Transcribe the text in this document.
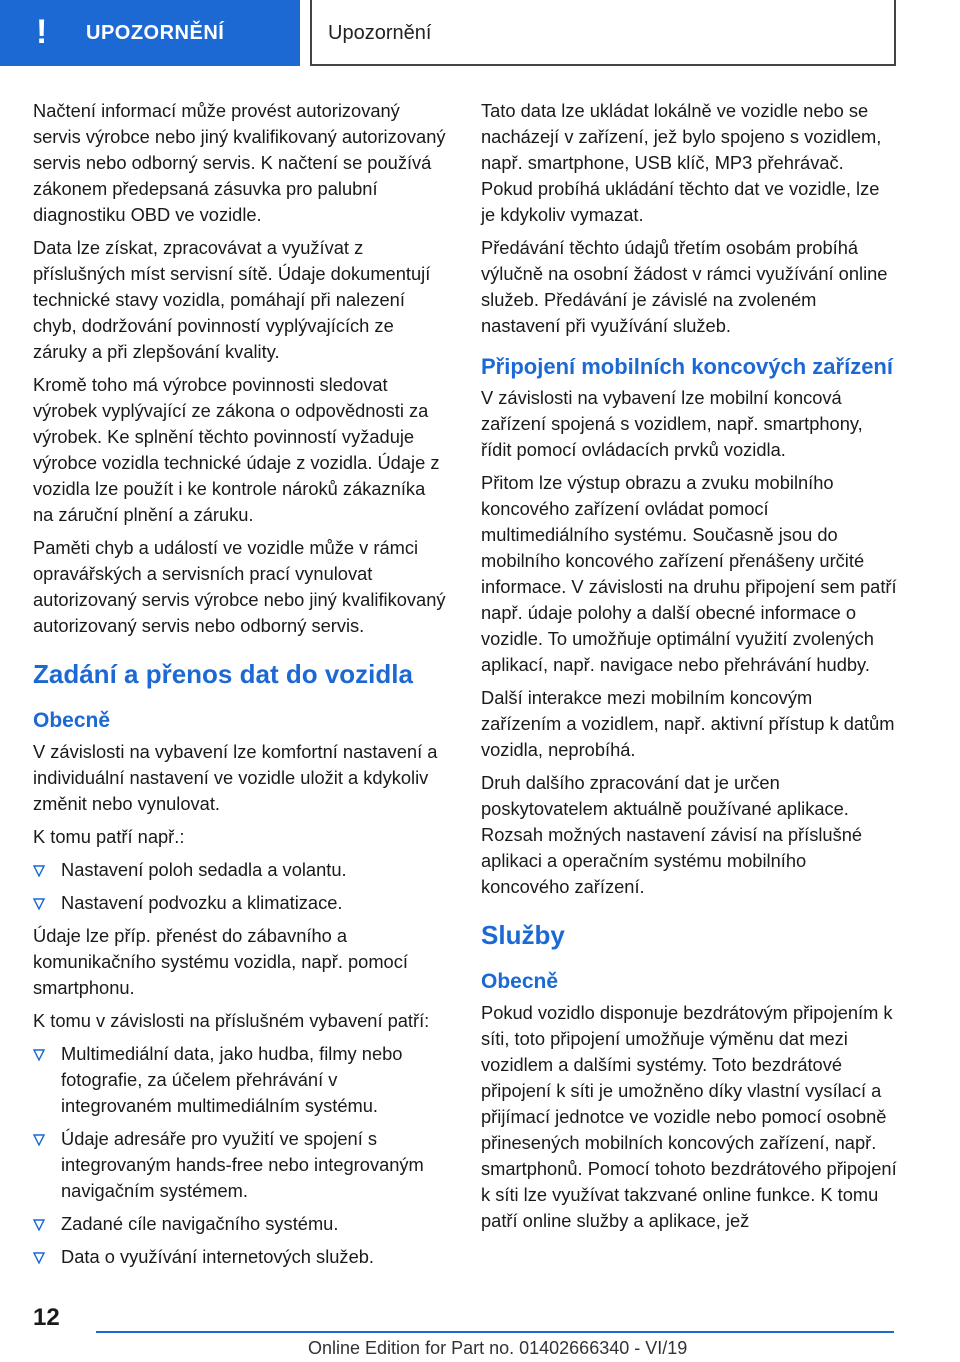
! UPOZORNĚNÍ	Upozornění

Načtení informací může provést autorizovaný servis výrobce nebo jiný kvalifikovaný autorizovaný servis nebo odborný servis. K načtení se používá zákonem předepsaná zásuvka pro palubní diagnostiku OBD ve vozidle.

Data lze získat, zpracovávat a využívat z příslušných míst servisní sítě. Údaje dokumentují technické stavy vozidla, pomáhají při nalezení chyb, dodržování povinností vyplývajících ze záruky a při zlepšování kvality.

Kromě toho má výrobce povinnosti sledovat výrobek vyplývající ze zákona o odpovědnosti za výrobek. Ke splnění těchto povinností vyžaduje výrobce vozidla technické údaje z vozidla. Údaje z vozidla lze použít i ke kontrole nároků zákazníka na záruční plnění a záruku.

Paměti chyb a událostí ve vozidle může v rámci opravářských a servisních prací vynulovat autorizovaný servis výrobce nebo jiný kvalifikovaný autorizovaný servis nebo odborný servis.

Zadání a přenos dat do vozidla
Obecně

V závislosti na vybavení lze komfortní nastavení a individuální nastavení ve vozidle uložit a kdykoliv změnit nebo vynulovat.

K tomu patří např.:

Nastavení poloh sedadla a volantu.
Nastavení podvozku a klimatizace.

Údaje lze příp. přenést do zábavního a komunikačního systému vozidla, např. pomocí smartphonu.

K tomu v závislosti na příslušném vybavení patří:

Multimediální data, jako hudba, filmy nebo fotografie, za účelem přehrávání v integrovaném multimediálním systému.
Údaje adresáře pro využití ve spojení s integrovaným hands-free nebo integrovaným navigačním systémem.
Zadané cíle navigačního systému.
Data o využívání internetových služeb.

Tato data lze ukládat lokálně ve vozidle nebo se nacházejí v zařízení, jež bylo spojeno s vozidlem, např. smartphone, USB klíč, MP3 přehrávač. Pokud probíhá ukládání těchto dat ve vozidle, lze je kdykoliv vymazat.

Předávání těchto údajů třetím osobám probíhá výlučně na osobní žádost v rámci využívání online služeb. Předávání je závislé na zvoleném nastavení při využívání služeb.

Připojení mobilních koncových zařízení

V závislosti na vybavení lze mobilní koncová zařízení spojená s vozidlem, např. smartphony, řídit pomocí ovládacích prvků vozidla.

Přitom lze výstup obrazu a zvuku mobilního koncového zařízení ovládat pomocí multimediálního systému. Současně jsou do mobilního koncového zařízení přenášeny určité informace. V závislosti na druhu připojení sem patří např. údaje polohy a další obecné informace o vozidle. To umožňuje optimální využití zvolených aplikací, např. navigace nebo přehrávání hudby.

Další interakce mezi mobilním koncovým zařízením a vozidlem, např. aktivní přístup k datům vozidla, neprobíhá.

Druh dalšího zpracování dat je určen poskytovatelem aktuálně používané aplikace. Rozsah možných nastavení závisí na příslušné aplikaci a operačním systému mobilního koncového zařízení.

Služby
Obecně

Pokud vozidlo disponuje bezdrátovým připojením k síti, toto připojení umožňuje výměnu dat mezi vozidlem a dalšími systémy. Toto bezdrátové připojení k síti je umožněno díky vlastní vysílací a přijímací jednotce ve vozidle nebo pomocí osobně přinesených mobilních koncových zařízení, např. smartphonů. Pomocí tohoto bezdrátového připojení k síti lze využívat takzvané online funkce. K tomu patří online služby a aplikace, jež

12
Online Edition for Part no. 01402666340 - VI/19
